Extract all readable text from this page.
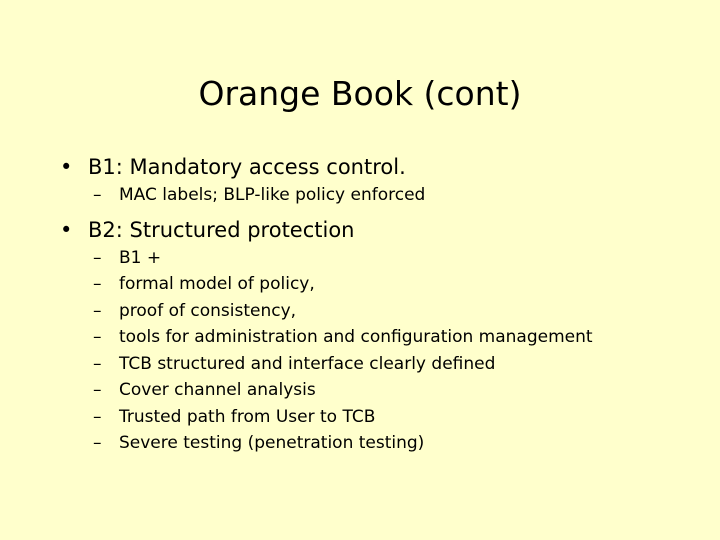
Orange Book (cont)
• B1: Mandatory access control.
– MAC labels; BLP-like policy enforced
• B2: Structured protection
– B1 +
– formal model of policy,
– proof of consistency,
– tools for administration and configuration management
– TCB structured and interface clearly defined
– Cover channel analysis
– Trusted path from User to TCB
– Severe testing (penetration testing)
